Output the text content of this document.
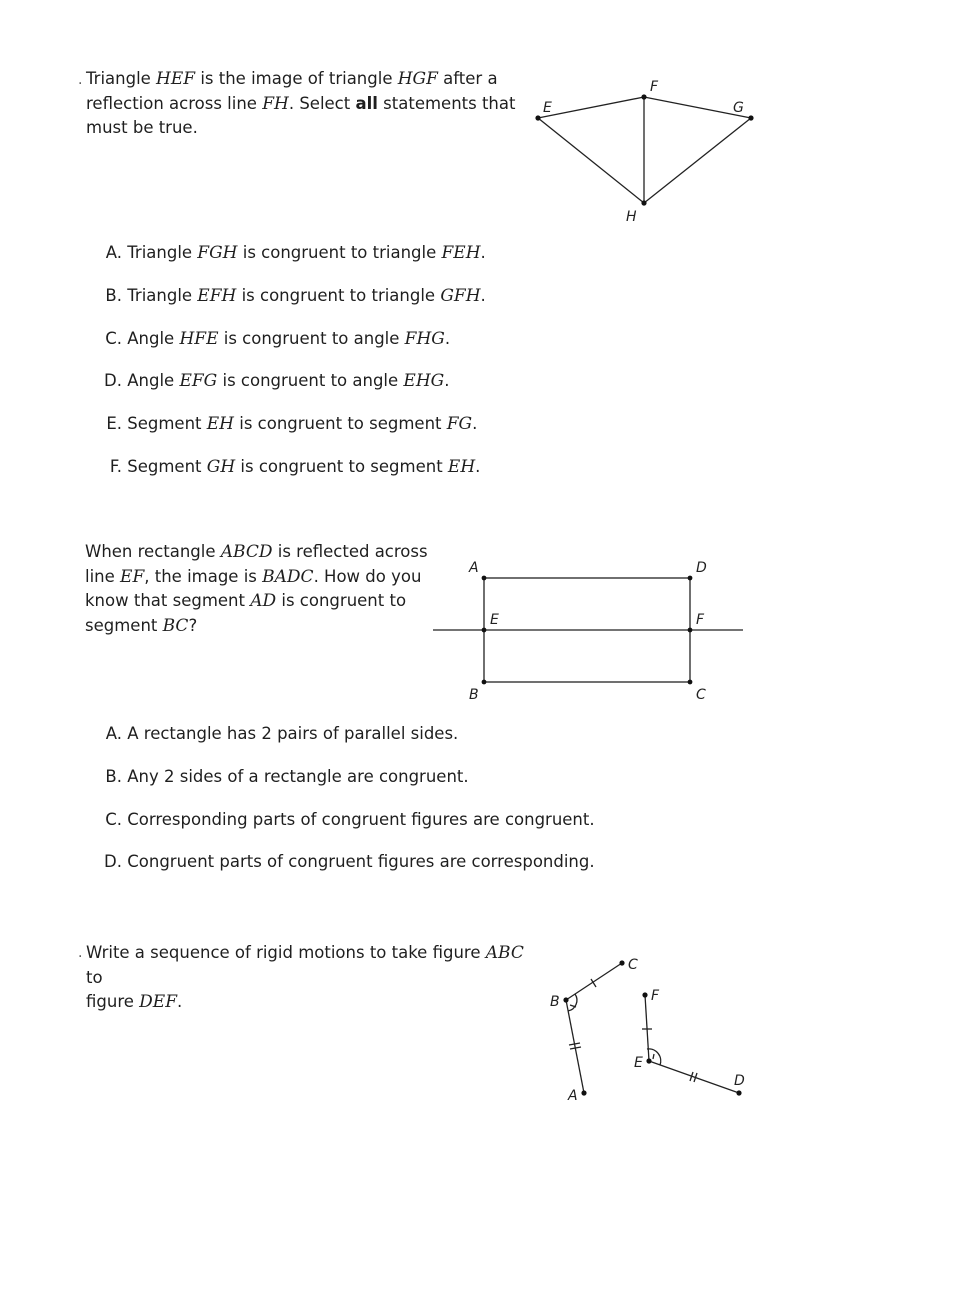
. Triangle HEF is the image of triangle HGF after a
reflection across line FH. Select all statements that
must be true.
E
F
G
H
A. Triangle FGH is congruent to triangle FEH.
B. Triangle EFH is congruent to triangle GFH.
C. Angle HFE is congruent to angle FHG.
D. Angle EFG is congruent to angle EHG.
E. Segment EH is congruent to segment FG.
F. Segment GH is congruent to segment EH.
When rectangle ABCD is reflected across
line EF, the image is BADC. How do you
know that segment AD is congruent to
segment BC?
A	D
B	C
E	F
A. A rectangle has 2 pairs of parallel sides.
B. Any 2 sides of a rectangle are congruent.
C. Corresponding parts of congruent figures are congruent.
D. Congruent parts of congruent figures are corresponding.
. Write a sequence of rigid motions to take figure ABC to
figure DEF.	B
C
A
E
F
D
